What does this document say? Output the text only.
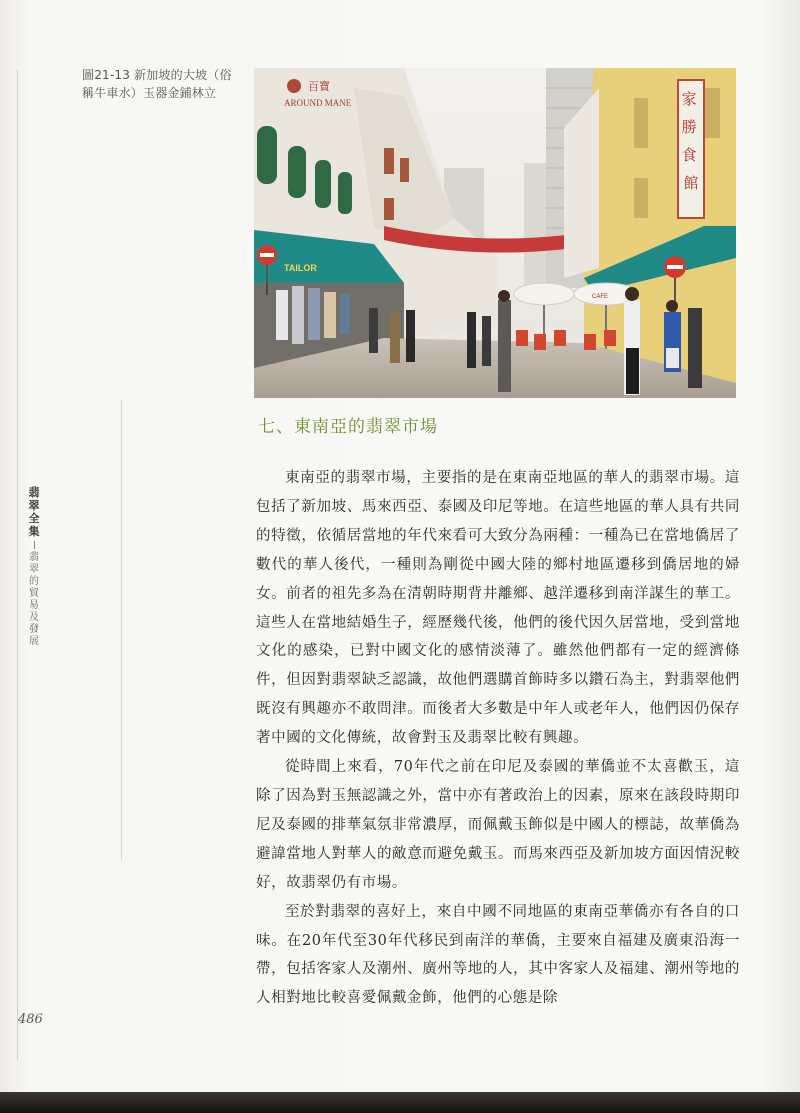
圖21-13 新加坡的大坡（俗稱牛車水）玉器金鋪林立	百寶
AROUND MANE
TAILOR
家 勝 食 館
CAFE
翡
翠
全
集
翡
翠
的
貿
易
及
發
展
七、東南亞的翡翠市場

東南亞的翡翠市場，主要指的是在東南亞地區的華人的翡翠市場。這包括了新加坡、馬來西亞、泰國及印尼等地。在這些地區的華人具有共同的特徵，依循居當地的年代來看可大致分為兩種：一種為已在當地僑居了數代的華人後代，一種則為剛從中國大陸的鄉村地區遷移到僑居地的婦女。前者的祖先多為在清朝時期背井離鄉、越洋遷移到南洋謀生的華工。這些人在當地結婚生子，經歷幾代後，他們的後代因久居當地，受到當地文化的感染，已對中國文化的感情淡薄了。雖然他們都有一定的經濟條件，但因對翡翠缺乏認識，故他們選購首飾時多以鑽石為主，對翡翠他們既沒有興趣亦不敢問津。而後者大多數是中年人或老年人，他們因仍保存著中國的文化傳統，故會對玉及翡翠比較有興趣。

從時間上來看，70年代之前在印尼及泰國的華僑並不太喜歡玉，這除了因為對玉無認識之外，當中亦有著政治上的因素，原來在該段時期印尼及泰國的排華氣氛非常濃厚，而佩戴玉飾似是中國人的標誌，故華僑為避諱當地人對華人的敵意而避免戴玉。而馬來西亞及新加坡方面因情況較好，故翡翠仍有市場。

至於對翡翠的喜好上，來自中國不同地區的東南亞華僑亦有各自的口味。在20年代至30年代移民到南洋的華僑，主要來自福建及廣東沿海一帶，包括客家人及潮州、廣州等地的人，其中客家人及福建、潮州等地的人相對地比較喜愛佩戴金飾，他們的心態是除

486
